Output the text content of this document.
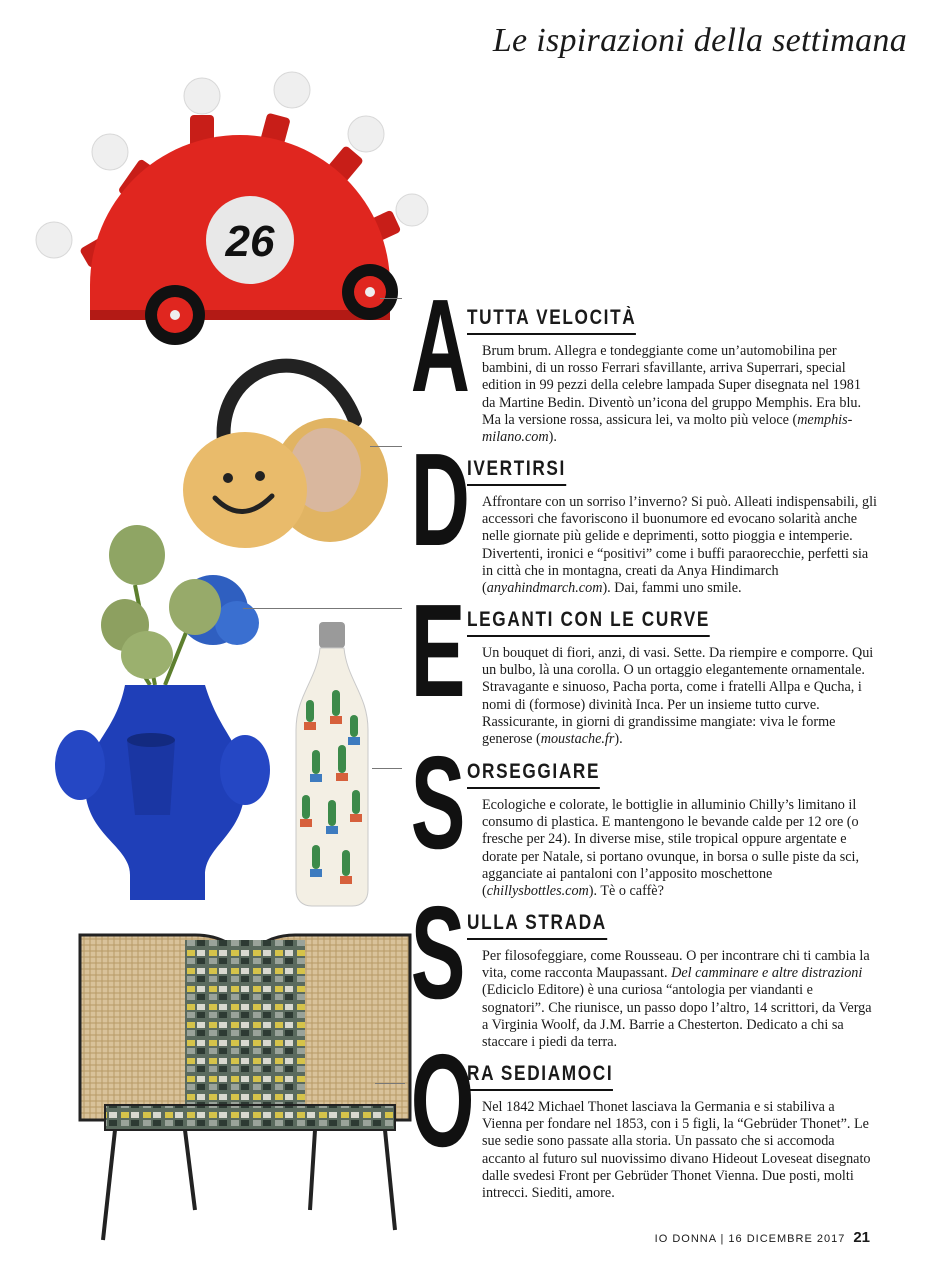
Le ispirazioni della settimana
26
A
D
E
S
S
O
TUTTA VELOCITÀ

Brum brum. Allegra e tondeggiante come un’automobilina per bambini, di un rosso Ferrari sfavillante, arriva Superrari, special edition in 99 pezzi della celebre lampada Super disegnata nel 1981 da Martine Bedin. Diventò un’icona del gruppo Memphis. Era blu. Ma la versione rossa, assicura lei, va molto più veloce (memphis-milano.com).

IVERTIRSI

Affrontare con un sorriso l’inverno? Si può. Alleati indispensabili, gli accessori che favoriscono il buonumore ed evocano solarità anche nelle giornate più gelide e deprimenti, sotto pioggia e intemperie. Divertenti, ironici e “positivi” come i buffi paraorecchie, perfetti sia in città che in montagna, creati da Anya Hindimarch (anyahindmarch.com). Dai, fammi uno smile.

LEGANTI CON LE CURVE

Un bouquet di fiori, anzi, di vasi. Sette. Da riempire e comporre. Qui un bulbo, là una corolla. O un ortaggio elegantemente ornamentale. Stravagante e sinuoso, Pacha porta, come i fratelli Allpa e Qucha, i nomi di (formose) divinità Inca. Per un insieme tutto curve. Rassicurante, in giorni di grandissime mangiate: viva le forme generose (moustache.fr).

ORSEGGIARE

Ecologiche e colorate, le bottiglie in alluminio Chilly’s limitano il consumo di plastica. E mantengono le bevande calde per 12 ore (o fresche per 24). In diverse mise, stile tropical oppure argentate e dorate per Natale, si portano ovunque, in borsa o sulle piste da sci, agganciate ai pantaloni con l’apposito moschettone (chillysbottles.com). Tè o caffè?

ULLA STRADA

Per filosofeggiare, come Rousseau. O per incontrare chi ti cambia la vita, come racconta Maupassant. Del camminare e altre distrazioni (Ediciclo Editore) è una curiosa “antologia per viandanti e sognatori”. Che riunisce, un passo dopo l’altro, 14 scrittori, da Verga a Virginia Woolf, da J.M. Barrie a Chesterton. Dedicato a chi sa staccare i piedi da terra.

RA SEDIAMOCI

Nel 1842 Michael Thonet lasciava la Germania e si stabiliva a Vienna per fondare nel 1853, con i 5 figli, la “Gebrüder Thonet”. Le sue sedie sono passate alla storia. Un passato che si accomoda accanto al futuro sul nuovissimo divano Hideout Loveseat disegnato dalle svedesi Front per Gebrüder Thonet Vienna. Due posti, molti intrecci. Siediti, amore.

IO DONNA | 16 DICEMBRE 2017 21
